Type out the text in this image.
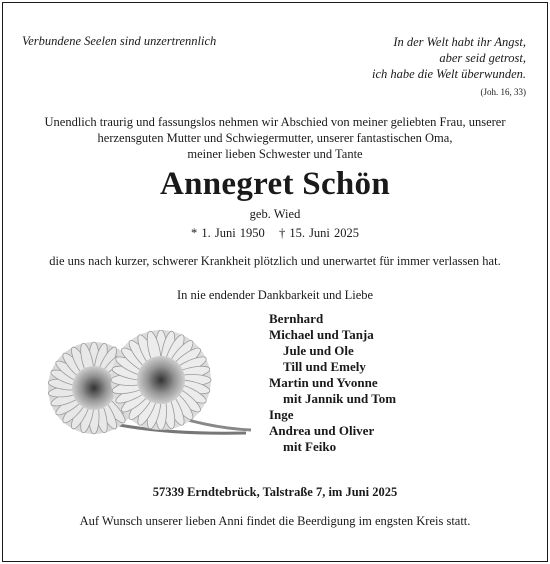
Verbundene Seelen sind unzertrennlich	In der Welt habt ihr Angst,
aber seid getrost,
ich habe die Welt überwunden.
(Joh. 16, 33)
Unendlich traurig und fassungslos nehmen wir Abschied von meiner geliebten Frau, unserer
herzensguten Mutter und Schwiegermutter, unserer fantastischen Oma,
meiner lieben Schwester und Tante
Annegret Schön
geb. Wied
* 1. Juni 1950 † 15. Juni 2025
die uns nach kurzer, schwerer Krankheit plötzlich und unerwartet für immer verlassen hat.
In nie endender Dankbarkeit und Liebe
Bernhard
Michael und Tanja
Jule und Ole
Till und Emely
Martin und Yvonne
mit Jannik und Tom
Inge
Andrea und Oliver
mit Feiko
57339 Erndtebrück, Talstraße 7, im Juni 2025
Auf Wunsch unserer lieben Anni findet die Beerdigung im engsten Kreis statt.
